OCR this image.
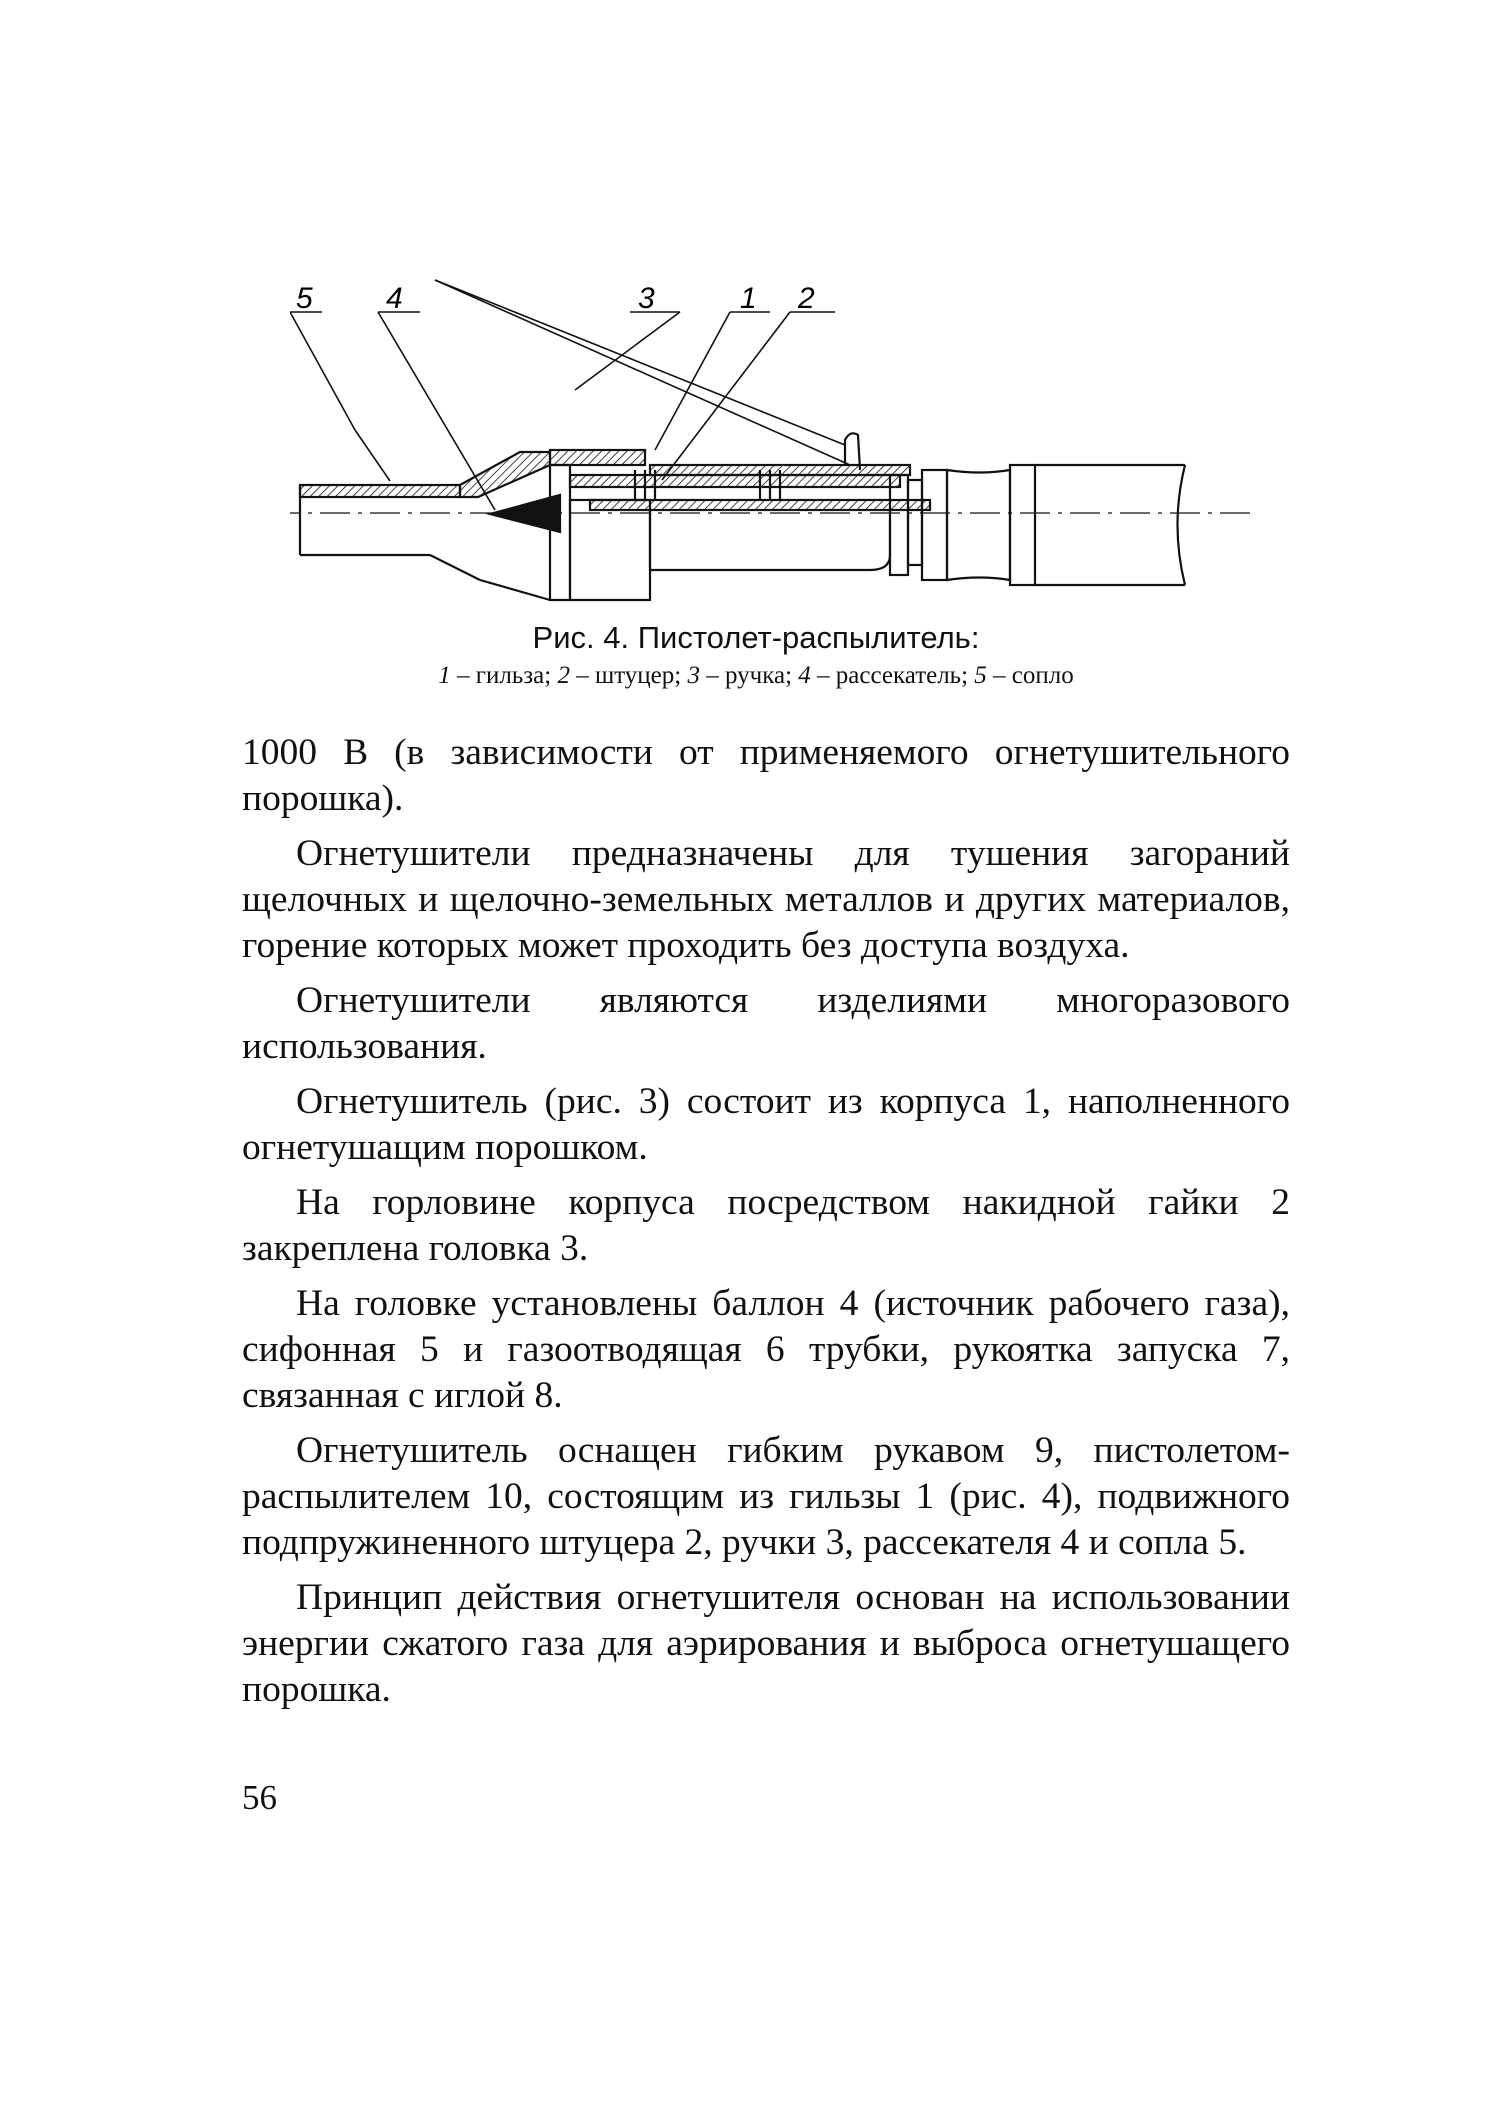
5 4	3	1 2
Рис. 4. Пистолет-распылитель:
1 – гильза; 2 – штуцер; 3 – ручка; 4 – рассекатель; 5 – сопло

1000 В (в зависимости от применяемого огнетушительного порошка).

Огнетушители предназначены для тушения загораний щелочных и щелочно-земельных металлов и других материалов, горение которых может проходить без доступа воздуха.

Огнетушители являются изделиями многоразового использования.

Огнетушитель (рис. 3) состоит из корпуса 1, наполненного огнетушащим порошком.

На горловине корпуса посредством накидной гайки 2 закреплена головка 3.

На головке установлены баллон 4 (источник рабочего газа), сифонная 5 и газоотводящая 6 трубки, рукоятка запуска 7, связанная с иглой 8.

Огнетушитель оснащен гибким рукавом 9, пистолетом-распылителем 10, состоящим из гильзы 1 (рис. 4), подвижного подпружиненного штуцера 2, ручки 3, рассекателя 4 и сопла 5.

Принцип действия огнетушителя основан на использовании энергии сжатого газа для аэрирования и выброса огнетушащего порошка.

56
